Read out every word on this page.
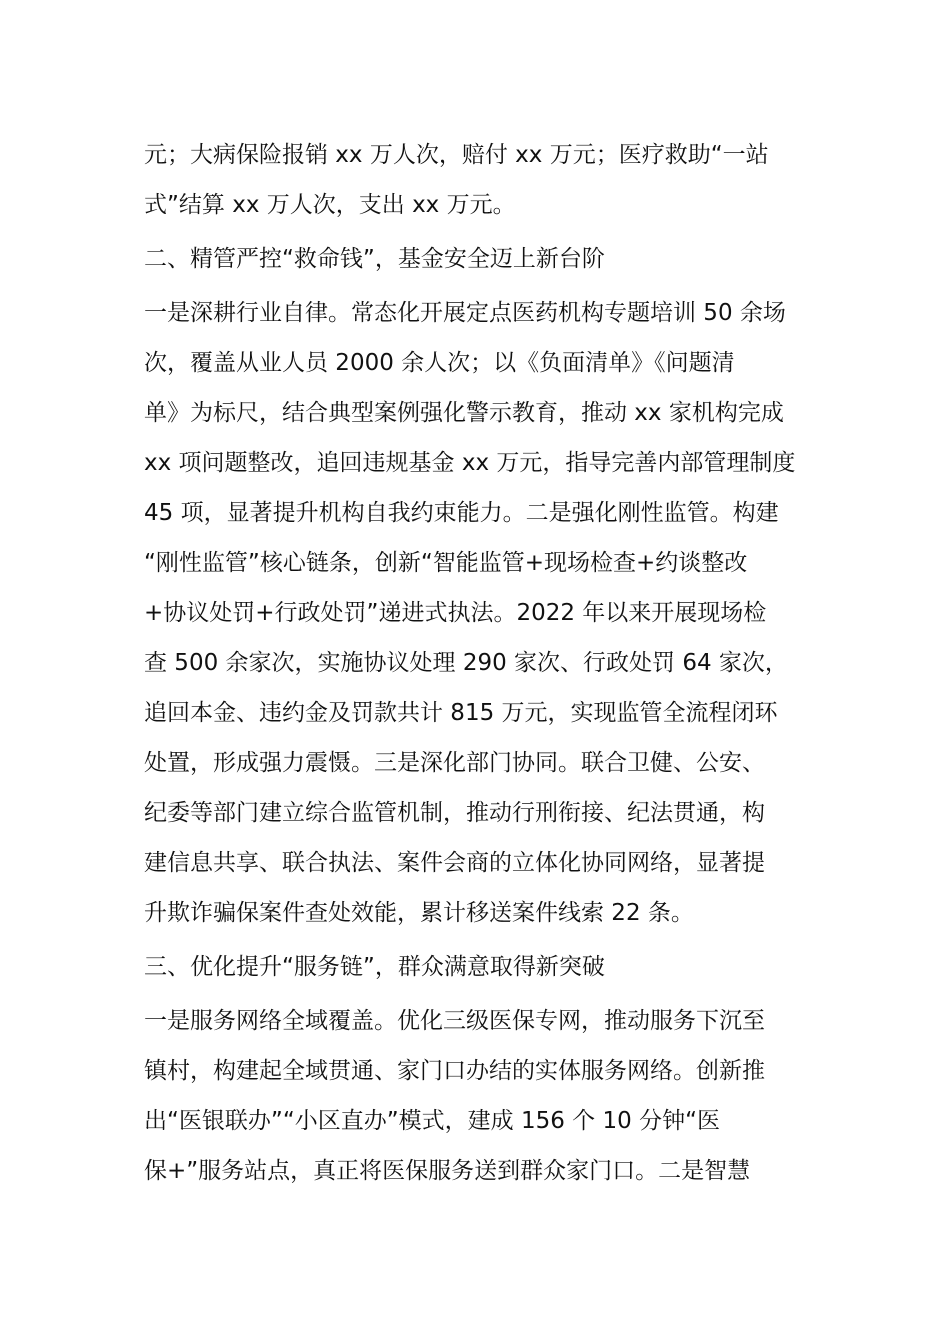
元；大病保险报销 xx 万人次，赔付 xx 万元；医疗救助“一站
式”结算 xx 万人次，支出 xx 万元。
二、精管严控“救命钱”，基金安全迈上新台阶
一是深耕行业自律。常态化开展定点医药机构专题培训 50 余场
次，覆盖从业人员 2000 余人次；以《负面清单》《问题清
单》为标尺，结合典型案例强化警示教育，推动 xx 家机构完成
xx 项问题整改，追回违规基金 xx 万元，指导完善内部管理制度
45 项，显著提升机构自我约束能力。二是强化刚性监管。构建
“刚性监管”核心链条，创新“智能监管+现场检查+约谈整改
+协议处罚+行政处罚”递进式执法。2022 年以来开展现场检
查 500 余家次，实施协议处理 290 家次、行政处罚 64 家次，
追回本金、违约金及罚款共计 815 万元，实现监管全流程闭环
处置，形成强力震慑。三是深化部门协同。联合卫健、公安、
纪委等部门建立综合监管机制，推动行刑衔接、纪法贯通，构
建信息共享、联合执法、案件会商的立体化协同网络，显著提
升欺诈骗保案件查处效能，累计移送案件线索 22 条。
三、优化提升“服务链”，群众满意取得新突破
一是服务网络全域覆盖。优化三级医保专网，推动服务下沉至
镇村，构建起全域贯通、家门口办结的实体服务网络。创新推
出“医银联办”“小区直办”模式，建成 156 个 10 分钟“医
保+”服务站点，真正将医保服务送到群众家门口。二是智慧
